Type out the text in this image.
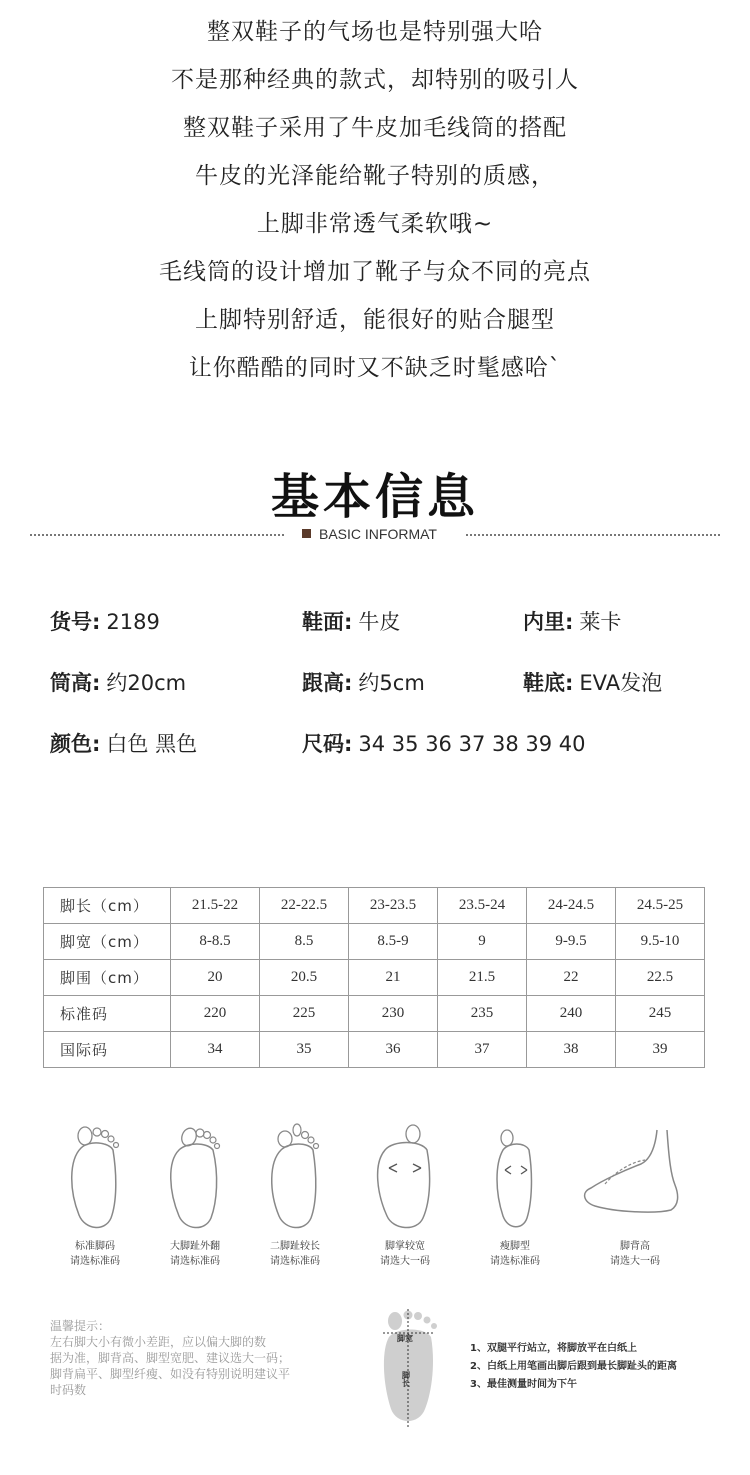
整双鞋子的气场也是特别强大哈

不是那种经典的款式，却特别的吸引人

整双鞋子采用了牛皮加毛线筒的搭配

牛皮的光泽能给靴子特别的质感，

上脚非常透气柔软哦~

毛线筒的设计增加了靴子与众不同的亮点

上脚特别舒适，能很好的贴合腿型

让你酷酷的同时又不缺乏时髦感哈`

基本信息
BASIC INFORMAT
货号: 2189	鞋面: 牛皮	内里: 莱卡
筒高: 约20cm	跟高: 约5cm	鞋底: EVA发泡
颜色: 白色 黑色	尺码: 34 35 36 37 38 39 40
脚长（cm）	21.5-22	22-22.5	23-23.5	23.5-24	24-24.5	24.5-25
脚宽（cm）	8-8.5	8.5	8.5-9	9	9-9.5	9.5-10
脚围（cm）	20	20.5	21	21.5	22	22.5
标准码	220	225	230	235	240	245
国际码	34	35	36	37	38	39
标准脚码
请选标准码
大脚趾外翻
请选标准码
二脚趾较长
请选标准码
脚掌较宽
请选大一码
瘦脚型
请选标准码
脚背高
请选大一码
温馨提示：
左右脚大小有微小差距，应以偏大脚的数
据为准，脚背高、脚型宽肥、建议选大一码；
脚背扁平、脚型纤瘦、如没有特别说明建议平
时码数
脚宽
脚长
1、双腿平行站立，将脚放平在白纸上
2、白纸上用笔画出脚后跟到最长脚趾头的距离
3、最佳测量时间为下午
